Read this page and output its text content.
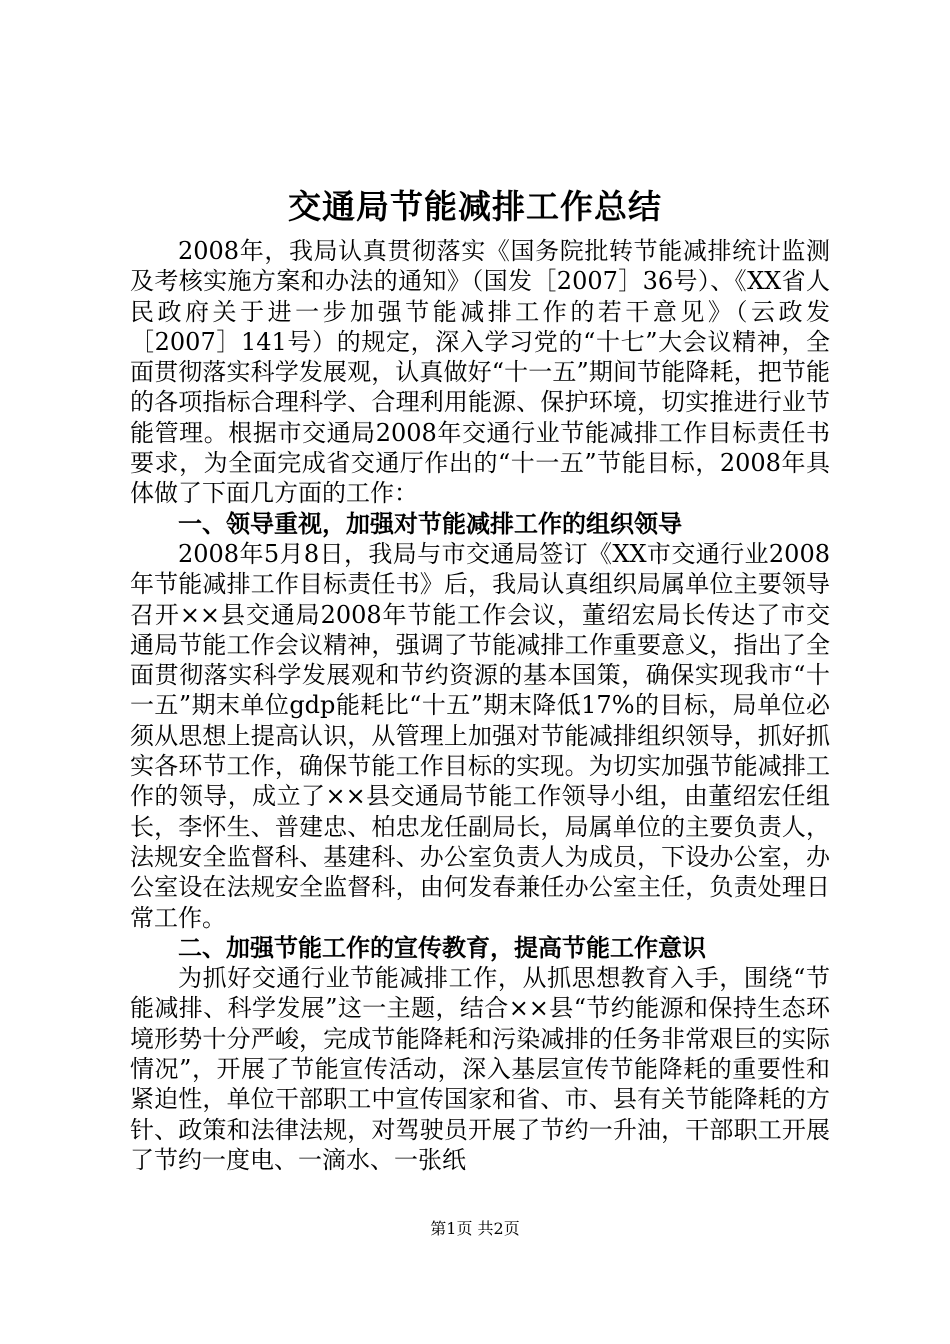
交通局节能减排工作总结

2008年，我局认真贯彻落实《国务院批转节能减排统计监测及考核实施方案和办法的通知》（国发［2007］36号）、《XX省人民政府关于进一步加强节能减排工作的若干意见》（云政发［2007］141号）的规定，深入学习党的“十七”大会议精神，全面贯彻落实科学发展观，认真做好“十一五”期间节能降耗，把节能的各项指标合理科学、合理利用能源、保护环境，切实推进行业节能管理。根据市交通局2008年交通行业节能减排工作目标责任书要求，为全面完成省交通厅作出的“十一五”节能目标，2008年具体做了下面几方面的工作：

一、领导重视，加强对节能减排工作的组织领导

2008年5月8日，我局与市交通局签订《XX市交通行业2008年节能减排工作目标责任书》后，我局认真组织局属单位主要领导召开××县交通局2008年节能工作会议，董绍宏局长传达了市交通局节能工作会议精神，强调了节能减排工作重要意义，指出了全面贯彻落实科学发展观和节约资源的基本国策，确保实现我市“十一五”期末单位gdp能耗比“十五”期末降低17%的目标，局单位必须从思想上提高认识，从管理上加强对节能减排组织领导，抓好抓实各环节工作，确保节能工作目标的实现。为切实加强节能减排工作的领导，成立了××县交通局节能工作领导小组，由董绍宏任组长，李怀生、普建忠、柏忠龙任副局长，局属单位的主要负责人，法规安全监督科、基建科、办公室负责人为成员，下设办公室，办公室设在法规安全监督科，由何发春兼任办公室主任，负责处理日常工作。

二、加强节能工作的宣传教育，提高节能工作意识

为抓好交通行业节能减排工作，从抓思想教育入手，围绕“节能减排、科学发展”这一主题，结合××县“节约能源和保持生态环境形势十分严峻，完成节能降耗和污染减排的任务非常艰巨的实际情况”，开展了节能宣传活动，深入基层宣传节能降耗的重要性和紧迫性，单位干部职工中宣传国家和省、市、县有关节能降耗的方针、政策和法律法规，对驾驶员开展了节约一升油，干部职工开展了节约一度电、一滴水、一张纸

第1页 共2页
